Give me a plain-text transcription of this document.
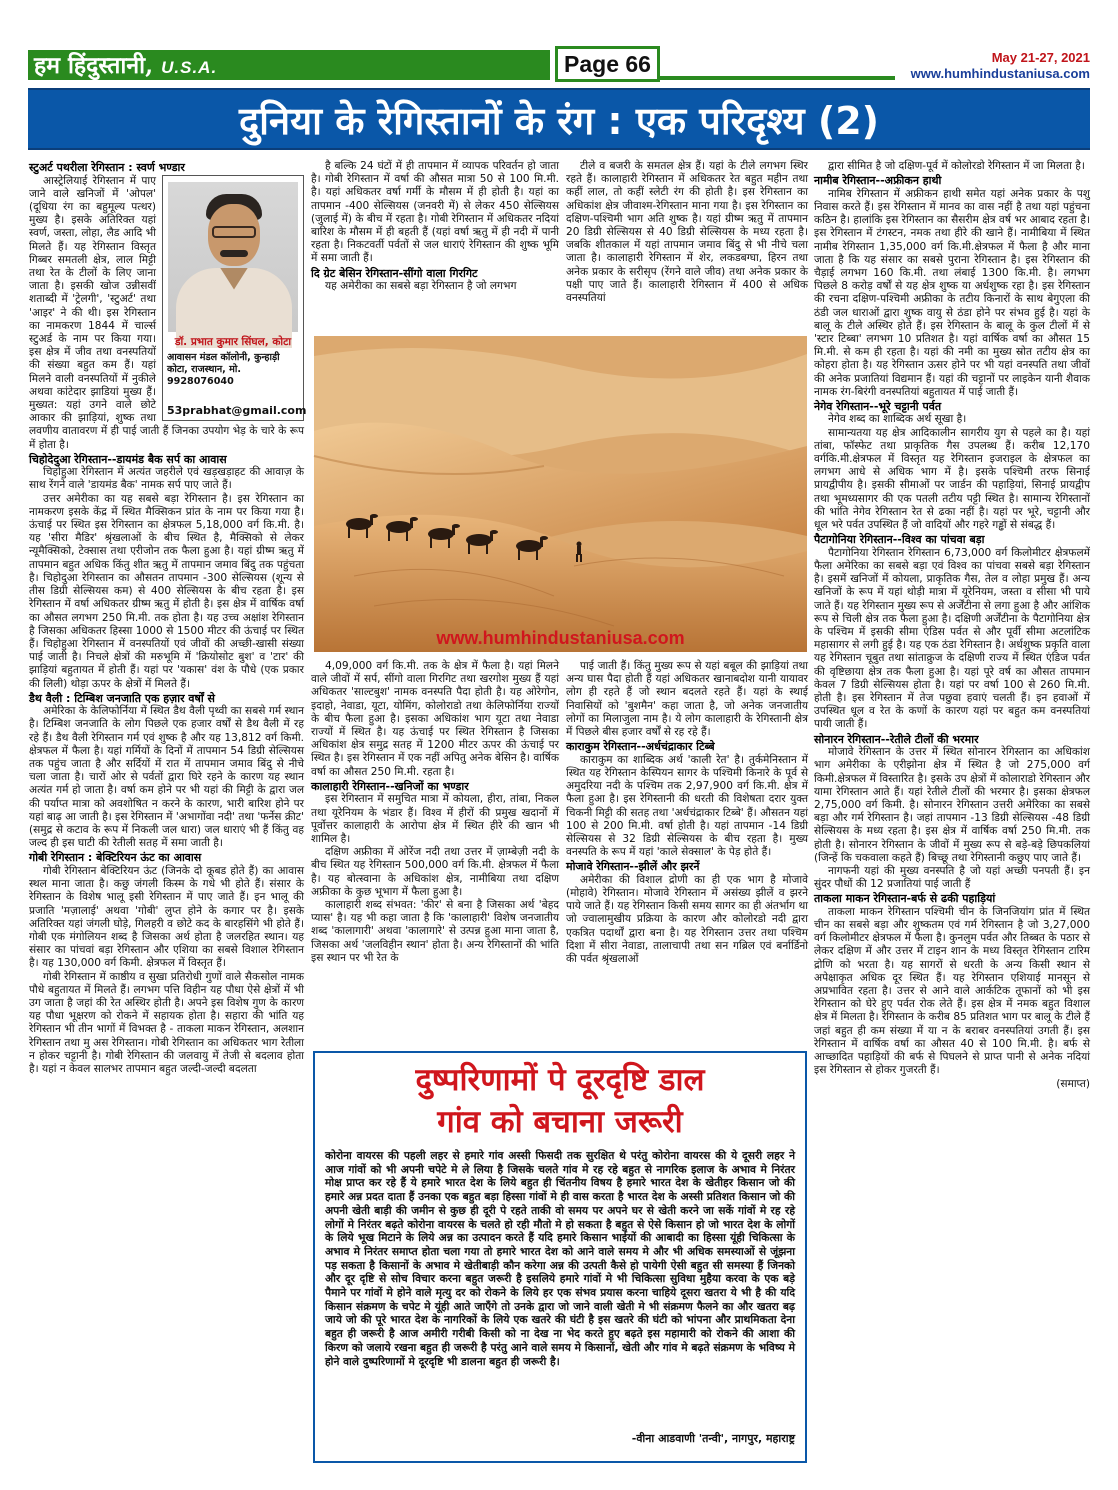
हम हिंदुस्तानी, U.S.A.	Page 66	May 21-27, 2021
www.humhindustaniusa.com
दुनिया के रेगिस्तानों के रंग : एक परिदृश्य (2)
स्टुअर्ट पथरीला रेगिस्तान : स्वर्ण भण्डार
डॉ. प्रभात कुमार सिंघल, कोटा
आवासन मंडल कॉलोनी, कुन्हाड़ी कोटा, राजस्थान, मो. 9928076040
53prabhat@gmail.com

आस्ट्रेलियाई रेगिस्तान में पाए जाने वाले खनिजों में 'ओपल' (दूधिया रंग का बहुमूल्य पत्थर) मुख्य है। इसके अतिरिक्त यहां स्वर्ण, जस्ता, लोहा, लैड आदि भी मिलते हैं। यह रेगिस्तान विस्तृत गिब्बर समतली क्षेत्र, लाल मिट्टी तथा रेत के टीलों के लिए जाना जाता है। इसकी खोज उन्नीसवीं शताब्दी में 'ट्रेलगी', 'स्टुअर्ट' तथा 'आइर' ने की थी। इस रेगिस्तान का नामकरण 1844 में चार्ल्स स्टुअर्ड के नाम पर किया गया। इस क्षेत्र में जीव तथा वनस्पतियों की संख्या बहुत कम हैं। यहां मिलने वाली वनस्पतियों में नुकीले अथवा कांटेदार झाडियां मुख्य हैं। मुख्यत: यहां उगने वाले छोटे आकार की झाड़ियां, शुष्क तथा लवणीय वातावरण में ही पाई जाती हैं जिनका उपयोग भेड़ के चारे के रूप में होता है।

चिहोदेदुआ रेगिस्तान--डायमंड बैक सर्प का आवास

चिहोहुआ रेगिस्तान में अत्यंत जहरीले एवं खड़खड़ाहट की आवाज़ के साथ रेंगने वाले 'डायमंड बैक' नामक सर्प पाए जाते हैं।

उत्तर अमेरीका का यह सबसे बड़ा रेगिस्तान है। इस रेगिस्तान का नामकरण इसके केंद्र में स्थित मैक्सिकन प्रांत के नाम पर किया गया है। ऊंचाई पर स्थित इस रेगिस्तान का क्षेत्रफल 5,18,000 वर्ग कि.मी. है। यह 'सीरा मैडिर' श्रृंखलाओं के बीच स्थित है, मैक्सिको से लेकर न्यूमैक्सिको, टेक्सास तथा एरीजोन तक फैला हुआ है। यहां ग्रीष्म ऋतु में तापमान बहुत अधिक किंतु शीत ऋतु में तापमान जमाव बिंदु तक पहुंचता है। चिहोदुआ रेगिस्तान का औसतन तापमान -300 सेल्सियस (शून्य से तीस डिग्री सेल्सियस कम) से 400 सेल्सियस के बीच रहता है। इस रेगिस्तान में वर्षा अधिकतर ग्रीष्म ऋतु में होती है। इस क्षेत्र में वार्षिक वर्षा का औसत लगभग 250 मि.मी. तक होता है। यह उच्च अक्षांश रेगिस्तान है जिसका अधिकतर हिस्सा 1000 से 1500 मीटर की ऊंचाई पर स्थित हैं। चिहोहुआ रेगिस्तान में वनस्पतियों एवं जीवों की अच्छी-खासी संख्या पाई जाती है। निचले क्षेत्रों की मरुभूमि में 'क्रियोसोट बुश' व 'टार' की झाड़ियां बहुतायत में होती हैं। यहां पर 'यकास' वंश के पौधे (एक प्रकार की लिली) थोड़ा ऊपर के क्षेत्रों में मिलते हैं।

डैथ वैली : टिम्बिश जनजाति एक हज़ार वर्षों से

अमेरिका के केलिफोर्निया में स्थित डैथ वैली पृथ्वी का सबसे गर्म स्थान है। टिम्बिश जनजाति के लोग पिछले एक हजार वर्षों से डैथ वैली में रह रहे हैं। डैथ वैली रेगिस्तान गर्म एवं शुष्क है और यह 13,812 वर्ग किमी. क्षेत्रफल में फैला है। यहां गर्मियों के दिनों में तापमान 54 डिग्री सेल्सियस तक पहुंच जाता है और सर्दियों में रात में तापमान जमाव बिंदु से नीचे चला जाता है। चारों ओर से पर्वतों द्वारा घिरे रहने के कारण यह स्थान अत्यंत गर्म हो जाता है। वर्षा कम होने पर भी यहां की मिट्टी के द्वारा जल की पर्याप्त मात्रा को अवशोषित न करने के कारण, भारी बारिश होने पर यहां बाढ़ आ जाती है। इस रेगिस्तान में 'अभागोंवा नदी' तथा 'फर्नेस क्रीट' (समुद्र से कटाव के रूप में निकली जल धारा) जल धाराएं भी हैं किंतु वह जल्द ही इस घाटी की रेतीली सतह में समा जाती है।

गोबी रेगिस्तान : बेक्टिरियन ऊंट का आवास

गोबी रेगिस्तान बेक्टिरियन ऊंट (जिनके दो कूबड होते हैं) का आवास स्थल माना जाता है। कछु जंगली किस्म के गधे भी होते हैं। संसार के रेगिस्तान के विशेष भालू इसी रेगिस्तान में पाए जाते हैं। इन भालू की प्रजाति 'मज़ालाई' अथवा 'गोबी' लुप्त होने के कगार पर है। इसके अतिरिक्त यहां जंगली घोड़े, गिलहरी व छोटे कद के बारहसिंगे भी होते हैं। गोबी एक मंगोलियन शब्द है जिसका अर्थ होता है जलरहित स्थान। यह संसार का पांचवां बड़ा रेगिस्तान और एशिया का सबसे विशाल रेगिस्तान है। यह 130,000 वर्ग किमी. क्षेत्रफल में विस्तृत हैं।

गोबी रेगिस्तान में काष्ठीय व सुखा प्रतिरोधी गुणों वाले सैकसोल नामक पौधे बहुतायत में मिलते हैं। लगभग पत्ति विहीन यह पौधा ऐसे क्षेत्रों में भी उग जाता है जहां की रेत अस्थिर होती है। अपने इस विशेष गुण के कारण यह पौधा भूक्षरण को रोकने में सहायक होता है। सहारा की भांति यह रेगिस्तान भी तीन भागों में विभक्त है - ताकला माकन रेगिस्तान, अलशान रेगिस्तान तथा मु अस रेगिस्तान। गोबी रेगिस्तान का अधिकतर भाग रेतीला न होकर चट्टानी है। गोबी रेगिस्तान की जलवायु में तेजी से बदलाव होता है। यहां न केवल सालभर तापमान बहुत जल्दी-जल्दी बदलता

है बल्कि 24 घंटों में ही तापमान में व्यापक परिवर्तन हो जाता है। गोबी रेगिस्तान में वर्षा की औसत मात्रा 50 से 100 मि.मी. है। यहां अधिकतर वर्षा गर्मी के मौसम में ही होती है। यहां का तापमान -400 सेल्सियस (जनवरी में) से लेकर 450 सेल्सियस (जुलाई में) के बीच में रहता है। गोबी रेगिस्तान में अधिकतर नदियां बारिश के मौसम में ही बहती हैं (यहां वर्षा ऋतु में ही नदी में पानी रहता है। निकटवर्ती पर्वतों से जल धाराएं रेगिस्तान की शुष्क भूमि में समा जाती हैं।

दि ग्रेट बेसिन रेगिस्तान-सींगो वाला गिरगिट

यह अमेरीका का सबसे बड़ा रेगिस्तान है जो लगभग

टीले व बजरी के समतल क्षेत्र हैं। यहां के टीले लगभग स्थिर रहते हैं। कालाहारी रेगिस्तान में अधिकतर रेत बहुत महीन तथा कहीं लाल, तो कहीं स्लेटी रंग की होती है। इस रेगिस्तान का अधिकांश क्षेत्र जीवाश्म-रेगिस्तान माना गया है। इस रेगिस्तान का दक्षिण-पश्चिमी भाग अति शुष्क है। यहां ग्रीष्म ऋतु में तापमान 20 डिग्री सेल्सियस से 40 डिग्री सेल्सियस के मध्य रहता है। जबकि शीतकाल में यहां तापमान जमाव बिंदु से भी नीचे चला जाता है। कालाहारी रेगिस्तान में शेर, लकडबग्घा, हिरन तथा अनेक प्रकार के सरीसृप (रेंगने वाले जीव) तथा अनेक प्रकार के पक्षी पाए जाते हैं। कालाहारी रेगिस्तान में 400 से अधिक वनस्पतियां

www.humhindustaniusa.com

4,09,000 वर्ग कि.मी. तक के क्षेत्र में फैला है। यहां मिलने वाले जीवों में सर्प, सींगो वाला गिरगिट तथा खरगोश मुख्य हैं यहां अधिकतर 'साल्टबुश' नामक वनस्पति पैदा होती है। यह ओरेगोन, इदाहो, नेवाडा, यूटा, योमिंग, कोलोराडो तथा केलिफोर्निया राज्यों के बीच फैला हुआ है। इसका अधिकांश भाग यूटा तथा नेवाडा राज्यों में स्थित है। यह ऊंचाई पर स्थित रेगिस्तान है जिसका अधिकांश क्षेत्र समुद्र सतह में 1200 मीटर ऊपर की ऊंचाई पर स्थित है। इस रेगिस्तान में एक नहीं अपितु अनेक बेसिन है। वार्षिक वर्षा का औसत 250 मि.मी. रहता है।

कालाहारी रेगिस्तान--खनिजों का भण्डार

इस रेगिस्तान में समुचित मात्रा में कोयला, हीरा, तांबा, निकल तथा यूरेनियम के भंडार हैं। विश्व में हीरों की प्रमुख खदानों में पूर्वोत्तर कालाहारी के आरोपा क्षेत्र में स्थित हीरे की खान भी शामिल है।

दक्षिण अफ्रीका में ओरेंज नदी तथा उत्तर में ज़ाम्बेज़ी नदी के बीच स्थित यह रेगिस्तान 500,000 वर्ग कि.मी. क्षेत्रफल में फैला है। यह बोत्स्वाना के अधिकांश क्षेत्र, नामीबिया तथा दक्षिण अफ्रीका के कुछ भूभाग में फैला हुआ है।

कालाहारी शब्द संभवत: 'कीर' से बना है जिसका अर्थ 'बेहद प्यास' है। यह भी कहा जाता है कि 'कालाहारी' विशेष जनजातीय शब्द 'कालागारी' अथवा 'कालागारे' से उत्पन्न हुआ माना जाता है, जिसका अर्थ 'जलविहीन स्थान' होता है। अन्य रेगिस्तानों की भांति इस स्थान पर भी रेत के

पाई जाती हैं। किंतु मुख्य रूप से यहां बबूल की झाड़ियां तथा अन्य घास पैदा होती हैं यहां अधिकतर खानाबदोश यानी यायावर लोग ही रहते हैं जो स्थान बदलते रहते हैं। यहां के स्थाई निवासियों को 'बुशमैन' कहा जाता है, जो अनेक जनजातीय लोगों का मिलाजुला नाम है। ये लोग कालाहारी के रेगिस्तानी क्षेत्र में पिछले बीस हजार वर्षों से रह रहे हैं।

काराकुम रेगिस्तान--अर्धचंद्राकार टिब्बे

काराकुम का शाब्दिक अर्थ 'काली रेत' है। तुर्कमेनिस्तान में स्थित यह रेगिस्तान केस्पियन सागर के पश्चिमी किनारे के पूर्व से अमुदरिया नदी के पश्चिम तक 2,97,900 वर्ग कि.मी. क्षेत्र में फैला हुआ है। इस रेगिस्तानी की धरती की विशेषता दरार युक्त चिकनी मिट्टी की सतह तथा 'अर्धचंद्राकार टिब्बे' हैं। औसतन यहां 100 से 200 मि.मी. वर्षा होती है। यहां तापमान -14 डिग्री सेल्सियस से 32 डिग्री सेल्सियस के बीच रहता है। मुख्य वनस्पति के रूप में यहां 'काले सेक्साल' के पेड़ होते हैं।

मोजावे रेगिस्तान--झीलें और झरनें

अमेरीका की विशाल द्रोणी का ही एक भाग है मोजावे (मोहावे) रेगिस्तान। मोजावे रेगिस्तान में असंख्य झीलें व झरने पाये जाते हैं। यह रेगिस्तान किसी समय सागर का ही अंतर्भाग था जो ज्वालामुखीय प्रक्रिया के कारण और कोलोरडो नदी द्वारा एकत्रित पदार्थों द्वारा बना है। यह रेगिस्तान उत्तर तथा पश्चिम दिशा में सीरा नेवाडा, तालाचापी तथा सन गब्रिल एवं बर्नार्डिनो की पर्वत श्रृंखलाओं

द्वारा सीमित है जो दक्षिण-पूर्व में कोलोरडो रेगिस्तान में जा मिलता है।

नामीब रेगिस्तान--अफ्रीकन हाथी

नामिब रेगिस्तान में अफ्रीकन हाथी समेत यहां अनेक प्रकार के पशु निवास करते हैं। इस रेगिस्तान में मानव का वास नहीं है तथा यहां पहुंचना कठिन है। हालांकि इस रेगिस्तान का सैसरीम क्षेत्र वर्ष भर आबाद रहता है। इस रेगिस्तान में टंगस्टन, नमक तथा हीरे की खाने हैं। नामीबिया में स्थित नामीब रेगिस्तान 1,35,000 वर्ग कि.मी.क्षेत्रफल में फैला है और माना जाता है कि यह संसार का सबसे पुराना रेगिस्तान है। इस रेगिस्तान की चैड़ाई लगभग 160 कि.मी. तथा लंबाई 1300 कि.मी. है। लगभग पिछले 8 करोड़ वर्षों से यह क्षेत्र शुष्क या अर्धशुष्क रहा है। इस रेगिस्तान की रचना दक्षिण-पश्चिमी अफ्रीका के तटीय किनारों के साथ बेगुएला की ठंडी जल धाराओं द्वारा शुष्क वायु से ठंडा होने पर संभव हुई है। यहां के बालू के टीले अस्थिर होते हैं। इस रेगिस्तान के बालू के कुल टीलों में से 'स्टार टिब्बा' लगभग 10 प्रतिशत है। यहां वार्षिक वर्षा का औसत 15 मि.मी. से कम ही रहता है। यहां की नमी का मुख्य स्रोत तटीय क्षेत्र का कोहरा होता है। यह रेगिस्तान ऊसर होने पर भी यहां वनस्पति तथा जीवों की अनेक प्रजातियां विद्यमान हैं। यहां की चट्टानों पर लाइकेन यानी शैवाक नामक रंग-बिरंगी वनस्पतियां बहुतायत में पाई जाती हैं।

नेगेव रेगिस्तान--भूरे चट्टानी पर्वत

नेगेव शब्द का शाब्दिक अर्थ सूखा है।

सामान्यतया यह क्षेत्र आदिकालीन सागरीय युग से पहले का है। यहां तांबा, फॉस्फेट तथा प्राकृतिक गैस उपलब्ध हैं। करीब 12,170 वर्गकि.मी.क्षेत्रफल में विस्तृत यह रेगिस्तान इजराइल के क्षेत्रफल का लगभग आधे से अधिक भाग में है। इसके पश्चिमी तरफ सिनाई प्रायद्वीपीय है। इसकी सीमाओं पर जार्डन की पहाड़ियां, सिनाई प्रायद्वीप तथा भूमध्यसागर की एक पतली तटीय पट्टी स्थित है। सामान्य रेगिस्तानों की भांति नेगेव रेगिस्तान रेत से ढका नहीं है। यहां पर भूरे, चट्टानी और धूल भरे पर्वत उपस्थित हैं जो वादियों और गहरे गड्ढों से संबद्ध हैं।

पैटागोनिया रेगिस्तान--विश्व का पांचवा बड़ा

पैटागोनिया रेगिस्तान रेगिस्तान 6,73,000 वर्ग किलोमीटर क्षेत्रफलमें फैला अमेरिका का सबसे बड़ा एवं विश्व का पांचवा सबसे बड़ा रेगिस्तान है। इसमें खनिजों में कोयला, प्राकृतिक गैस, तेल व लोहा प्रमुख हैं। अन्य खनिजों के रूप में यहां थोड़ी मात्रा में यूरेनियम, जस्ता व सीसा भी पाये जाते हैं। यह रेगिस्तान मुख्य रूप से अर्जेंटीना से लगा हुआ है और आंशिक रूप से चिली क्षेत्र तक फैला हुआ है। दक्षिणी अर्जेंटीना के पैटागोनिया क्षेत्र के पश्चिम में इसकी सीमा एंडिस पर्वत से और पूर्वी सीमा अटलांटिक महासागर से लगी हुई है। यह एक ठंडा रेगिस्तान है। अर्धशुष्क प्रकृति वाला यह रेगिस्तान चूबुत तथा सांताक्रुज के दक्षिणी राज्य में स्थित एंडिज पर्वत की वृष्टिछाया क्षेत्र तक फैला हुआ है। यहां पूरे वर्ष का औसत तापमान केवल 7 डिग्री सेल्सियस होता है। यहां पर वर्षा 100 से 260 मि.मी. होती है। इस रेगिस्तान में तेज पछुवा हवाएं चलती हैं। इन हवाओं में उपस्थित धूल व रेत के कणों के कारण यहां पर बहुत कम वनस्पतियां पायी जाती हैं।

सोनारन रेगिस्तान--रेतीले टीलों की भरमार

मोजावे रेगिस्तान के उत्तर में स्थित सोनारन रेगिस्तान का अधिकांश भाग अमेरीका के एरीझोना क्षेत्र में स्थित है जो 275,000 वर्ग किमी.क्षेत्रफल में विस्तारित है। इसके उप क्षेत्रों में कोलाराडो रेगिस्तान और यामा रेगिस्तान आते हैं। यहां रेतीले टीलों की भरमार है। इसका क्षेत्रफल 2,75,000 वर्ग किमी. है। सोनारन रेगिस्तान उत्तरी अमेरिका का सबसे बड़ा और गर्म रेगिस्तान है। जहां तापमान -13 डिग्री सेल्सियस -48 डिग्री सेल्सियस के मध्य रहता है। इस क्षेत्र में वार्षिक वर्षा 250 मि.मी. तक होती है। सोनारन रेगिस्तान के जीवों में मुख्य रूप से बड़े-बड़े छिपकलियां (जिन्हें कि चकवाला कहते हैं) बिच्छू तथा रेगिस्तानी कछुए पाए जाते हैं।

नागफनी यहां की मुख्य वनस्पति है जो यहां अच्छी पनपती हैं। इन सुंदर पौधों की 12 प्रजातियां पाई जाती हैं

ताकला माकन रेगिस्तान-बर्फ से ढकी पहाड़ियां

ताकला माकन रेगिस्तान पश्चिमी चीन के जिनजियांग प्रांत में स्थित चीन का सबसे बड़ा और शुष्कतम एवं गर्म रेगिस्तान है जो 3,27,000 वर्ग किलोमीटर क्षेत्रफल में फैला है। कुनलुम पर्वत और तिब्बत के पठार से लेकर दक्षिण में और उत्तर में टाइन शान के मध्य विस्तृत रेगिस्तान टारिम द्रोणि को भरता है। यह सागरों से धरती के अन्य किसी स्थान से अपेक्षाकृत अधिक दूर स्थित हैं। यह रेगिस्तान एशियाई मानसून से अप्रभावित रहता है। उत्तर से आने वाले आर्कटिक तूफानों को भी इस रेगिस्तान को घेरे हुए पर्वत रोक लेते हैं। इस क्षेत्र में नमक बहुत विशाल क्षेत्र में मिलता है। रेगिस्तान के करीब 85 प्रतिशत भाग पर बालू के टीले हैं जहां बहुत ही कम संख्या में या न के बराबर वनस्पतियां उगती हैं। इस रेगिस्तान में वार्षिक वर्षा का औसत 40 से 100 मि.मी. है। बर्फ से आच्छादित पहाड़ियों की बर्फ से पिघलने से प्राप्त पानी से अनेक नदियां इस रेगिस्तान से होकर गुजरती हैं।

(समाप्त)

दुष्परिणामों पे दूरदृष्टि डाल
गांव को बचाना जरूरी
कोरोना वायरस की पहली लहर से हमारे गांव अस्सी फिसदी तक सुरक्षित थे परंतु कोरोना वायरस की ये दूसरी लहर ने आज गांवों को भी अपनी चपेटे मे ले लिया है जिसके चलते गांव मे रह रहे बहुत से नागरिक इलाज के अभाव मे निरंतर मोक्ष प्राप्त कर रहे हैं ये हमारे भारत देश के लिये बहुत ही चिंतनीय विषय है हमारे भारत देश के खेतीहर किसान जो की हमारे अन्न प्रदत दाता हैं उनका एक बहुत बड़ा हिस्सा गांवों मे ही वास करता है भारत देश के अस्सी प्रतिशत किसान जो की अपनी खेती बाड़ी की जमीन से कुछ ही दूरी पे रहते ताकी वो समय पर अपने घर से खेती करने जा सकें गांवों मे रह रहे लोगों मे निरंतर बढ़ते कोरोना वायरस के चलते हो रही मौतो मे हो सकता है बहुत से ऐसे किसान हो जो भारत देश के लोगों के लिये भूख मिटाने के लिये अन्न का उत्पादन करते हैं यदि हमारे किसान भाईयों की आबादी का हिस्सा यूंही चिकित्सा के अभाव मे निरंतर समाप्त होता चला गया तो हमारे भारत देश को आने वाले समय मे और भी अधिक समस्याओं से जूंझना पड़ सकता है किसानों के अभाव मे खेतीबाड़ी कौन करेगा अन्न की उत्पती कैसे हो पायेगी ऐसी बहुत सी समस्या हैं जिनको और दूर दृष्टि से सोच विचार करना बहुत जरूरी है इसलिये हमारे गांवों मे भी चिकित्सा सुविधा मुहैया करवा के एक बड़े पैमाने पर गांवों मे होने वाले मृत्यु दर को रोकने के लिये हर एक संभव प्रयास करना चाहिये दूसरा खतरा ये भी है की यदि किसान संक्रमण के चपेट मे यूंही आते जाएँगे तो उनके द्वारा जो जाने वाली खेती मे भी संक्रमण फैलने का और खतरा बढ़ जाये जो की पूरे भारत देश के नागरिकों के लिये एक खतरे की घंटी है इस खतरे की घंटी को भांपना और प्राथमिकता देना बहुत ही जरूरी है आज अमीरी गरीबी किसी को ना देख ना भेद करते हुए बढ़ते इस महामारी को रोकने की आशा की किरण को जलाये रखना बहुत ही जरूरी है परंतु आने वाले समय मे किसानों, खेती और गांव मे बढ़ते संक्रमण के भविष्य मे होने वाले दुष्परिणामों मे दूरदृष्टि भी डालना बहुत ही जरूरी है।
-वीना आडवाणी 'तन्वी', नागपुर, महाराष्ट्र
